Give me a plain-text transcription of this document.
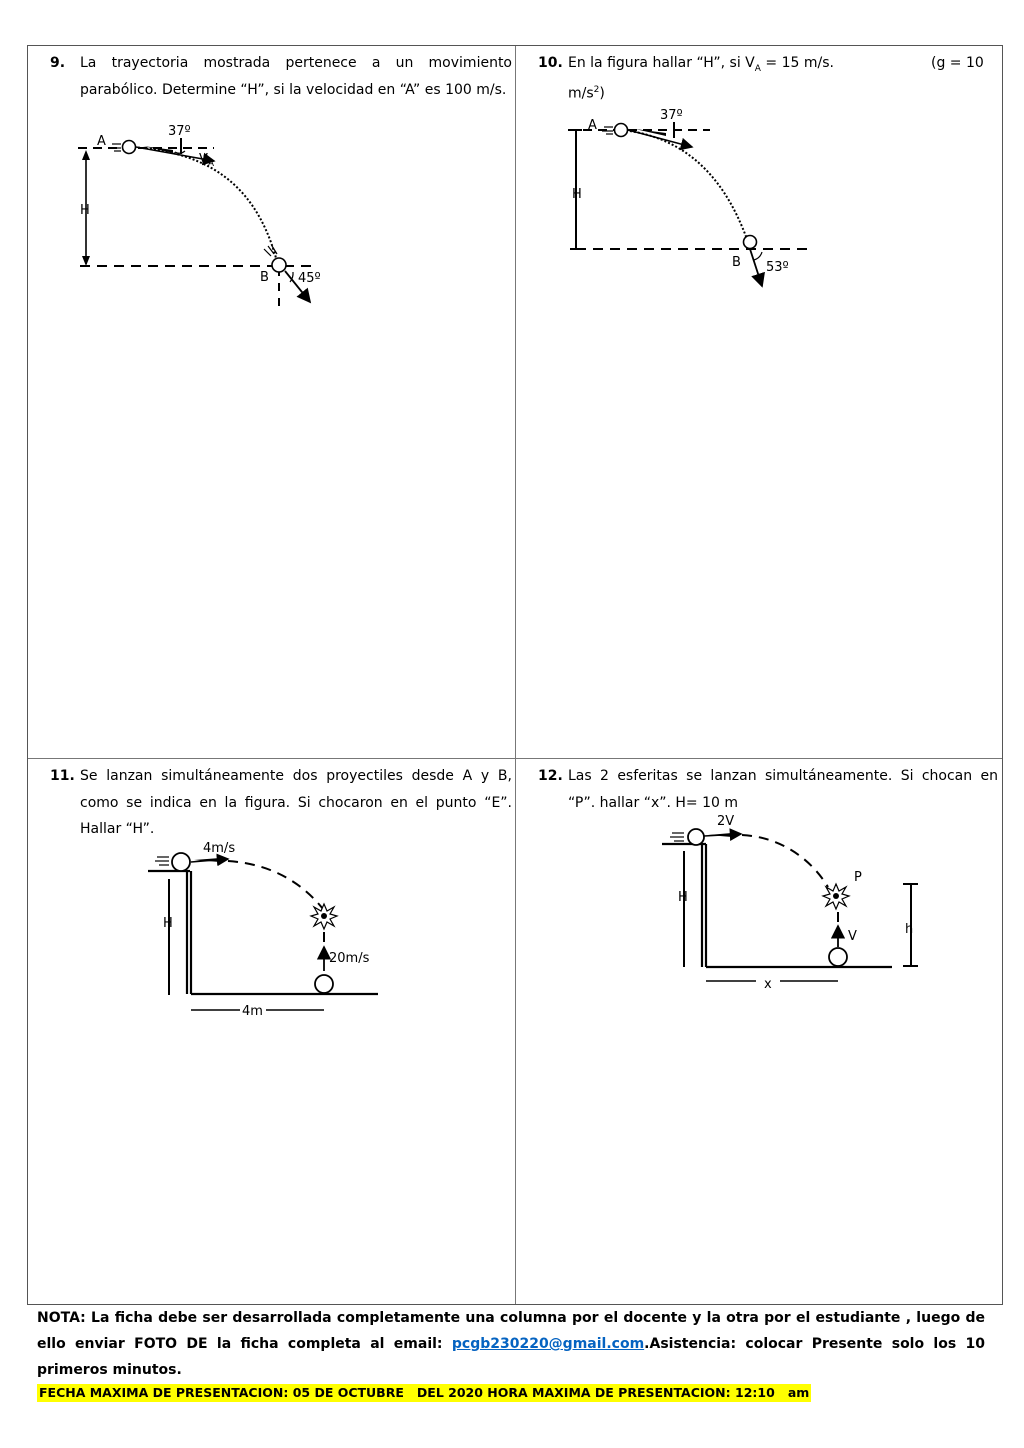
9. La trayectoria mostrada pertenece a un movimiento parabólico. Determine “H”, si la velocidad en “A” es 100 m/s.
37º
A
$V_A$
H
B 45º
10. En la figura hallar “H”, si $V_A = 15$ m/s.	(g = 10
$m/s^2$)
37º
A
H
B 53º
11. Se lanzan simultáneamente dos proyectiles desde A y B, como se indica en la figura. Si chocaron en el punto “E”. Hallar “H”.
4m/s
H
20m/s
4m
12. Las 2 esferitas se lanzan simultáneamente. Si chocan en “P”. hallar “x”. H= 10 m
2V
P
H
V	h
x
NOTA: La ficha debe ser desarrollada completamente una columna por el docente y la otra por el estudiante , luego de ello enviar FOTO DE la ficha completa al email: pcgb230220@gmail.com.Asistencia: colocar Presente solo los 10 primeros minutos.
FECHA MAXIMA DE PRESENTACION: 05 DE OCTUBRE   DEL 2020 HORA MAXIMA DE PRESENTACION: 12:10   am
